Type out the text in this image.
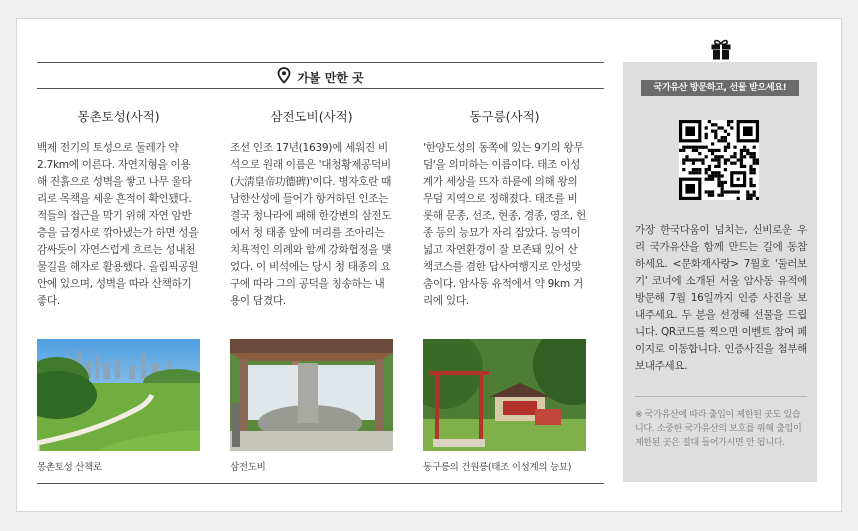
가볼 만한 곳
몽촌토성(사적)

백제 전기의 토성으로 둘레가 약 2.7km에 이른다. 자연지형을 이용해 진흙으로 성벽을 쌓고 나무 울타리로 목책을 세운 흔적이 확인됐다. 적들의 접근을 막기 위해 자연 암반층을 급경사로 깎아냈는가 하면 성을 감싸듯이 자연스럽게 흐르는 성내천 물길을 해자로 활용했다. 올림픽공원 안에 있으며, 성벽을 따라 산책하기 좋다.

몽촌토성 산책로
삼전도비(사적)

조선 인조 17년(1639)에 세워진 비석으로 원래 이름은 '대청황제공덕비(大淸皇帝功德碑)'이다. 병자호란 때 남한산성에 들어가 항거하던 인조는 결국 청나라에 패해 한강변의 삼전도에서 청 태종 앞에 머리를 조아리는 치욕적인 의례와 함께 강화협정을 맺었다. 이 비석에는 당시 청 태종의 요구에 따라 그의 공덕을 칭송하는 내용이 담겼다.

삼전도비
동구릉(사적)

'한양도성의 동쪽에 있는 9기의 왕무덤'을 의미하는 이름이다. 태조 이성계가 세상을 뜨자 하륜에 의해 왕의 무덤 지역으로 정해졌다. 태조를 비롯해 문종, 선조, 현종, 경종, 영조, 헌종 등의 능묘가 자리 잡았다. 능역이 넓고 자연환경이 잘 보존돼 있어 산책코스를 겸한 답사여행지로 안성맞춤이다. 암사동 유적에서 약 9km 거리에 있다.

동구릉의 건원릉(태조 이성계의 능묘)
국가유산 방문하고, 선물 받으세요!
가장 한국다움이 넘치는, 신비로운 우리 국가유산을 함께 만드는 길에 동참하세요. <문화재사랑> 7월호 '둘러보기' 코너에 소개된 서울 암사동 유적에 방문해 7월 16일까지 인증 사진을 보내주세요. 두 분을 선정해 선물을 드립니다. QR코드를 찍으면 이벤트 참여 페이지로 이동합니다. 인증사진을 첨부해 보내주세요.
※ 국가유산에 따라 출입이 제한된 곳도 있습니다. 소중한 국가유산의 보호를 위해 출입이 제한된 곳은 절대 들어가시면 안 됩니다.
